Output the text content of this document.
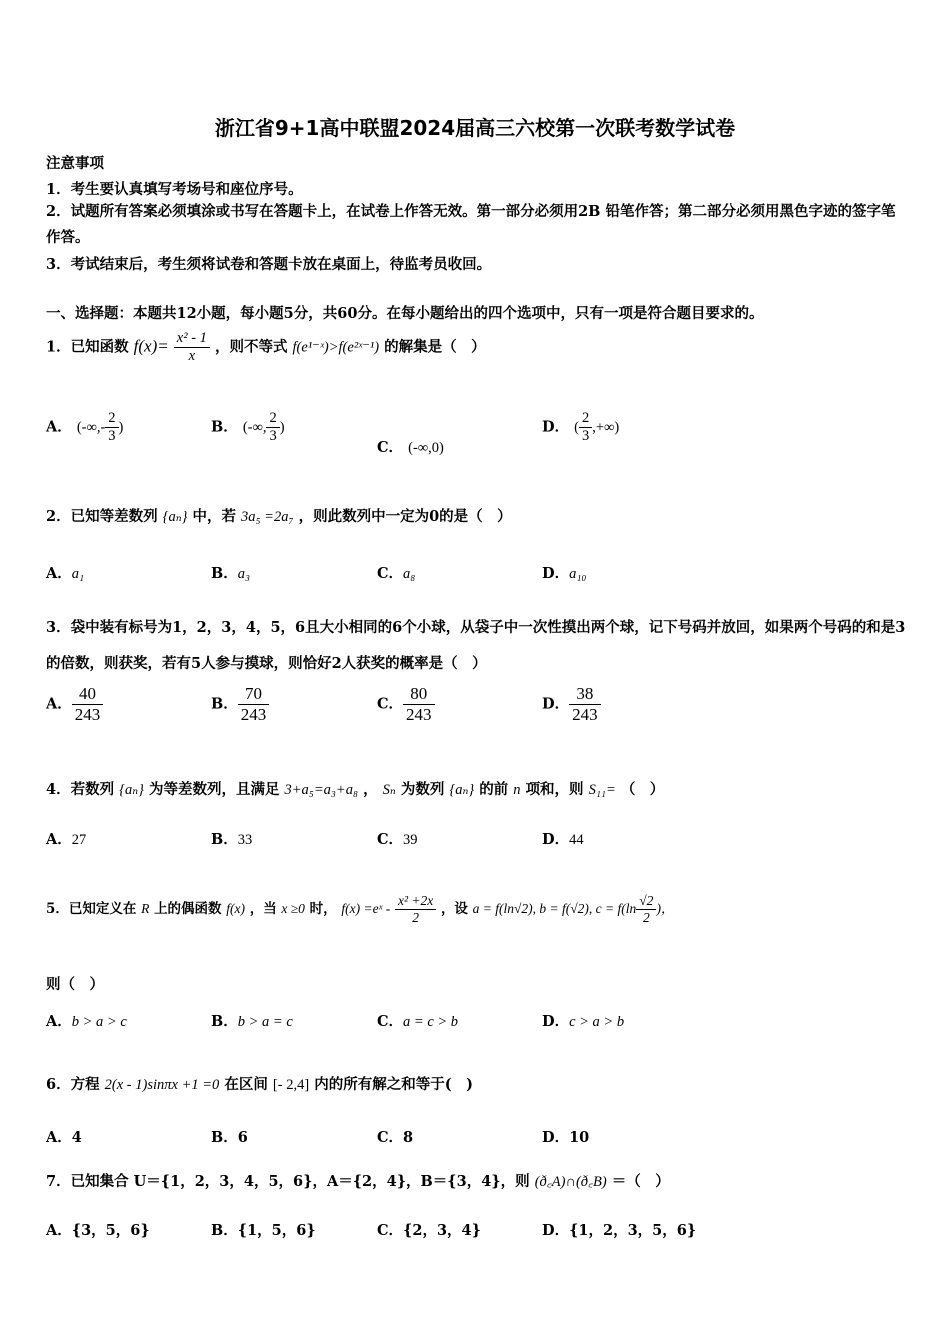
浙江省9+1高中联盟2024届高三六校第一次联考数学试卷
注意事项
1．考生要认真填写考场号和座位序号。
2．试题所有答案必须填涂或书写在答题卡上，在试卷上作答无效。第一部分必须用2B 铅笔作答；第二部分必须用黑色字迹的签字笔作答。
3．考试结束后，考生须将试卷和答题卡放在桌面上，待监考员收回。
一、选择题：本题共12小题，每小题5分，共60分。在每小题给出的四个选项中，只有一项是符合题目要求的。
1．已知函数 $f(x)= \frac{\text{x² - 1}}{x}$ ，则不等式 f(e¹⁻ˣ)>f(e²ˣ⁻¹) 的解集是（　）
A． (-∞,- $\frac{2}{3}$ )	B． (-∞, $\frac{2}{3}$ )
C． (-∞,0)
D． ( $\frac{2}{3}$ ,+∞)
2．已知等差数列 {aₙ} 中，若 3a₅ =2a₇ ，则此数列中一定为0的是（　）
A．a₁	B．a₃	C．a₈	D．a₁₀
3．袋中装有标号为1，2，3，4，5，6且大小相同的6个小球，从袋子中一次性摸出两个球，记下号码并放回，如果两个号码的和是3的倍数，则获奖，若有5人参与摸球，则恰好2人获奖的概率是（　）
A． $\frac{40}{243}$	B． $\frac{70}{243}$	C． $\frac{80}{243}$	D． $\frac{38}{243}$
4．若数列 {aₙ} 为等差数列，且满足 3+a₅=a₃+a₈ ， Sₙ 为数列 {aₙ} 的前 n 项和，则 S₁₁= （　）
A．27	B．33	C．39	D．44
5．已知定义在 R 上的偶函数 f(x) ，当 x ≥0 时， f(x) =eˣ - $\frac{\text{x² +2x}}{2}$ ，设 a = f(ln√2), b = f(√2), $c = f(\ln \frac{√2}{2}$ )，
则（　）
A．b > a > c	B．b > a = c	C．a = c > b	D．c > a > b
6．方程 2(x - 1)sinπx +1 =0 在区间 [- 2,4] 内的所有解之和等于(　)
A．4	B．6	C．8	D．10
7．已知集合 U＝{1，2，3，4，5，6}，A＝{2，4}，B＝{3，4}，则 (ð꜀A)∩(ð꜀B) ＝（　）
A．{3，5，6}	B．{1，5，6}	C．{2，3，4}	D．{1，2，3，5，6}
